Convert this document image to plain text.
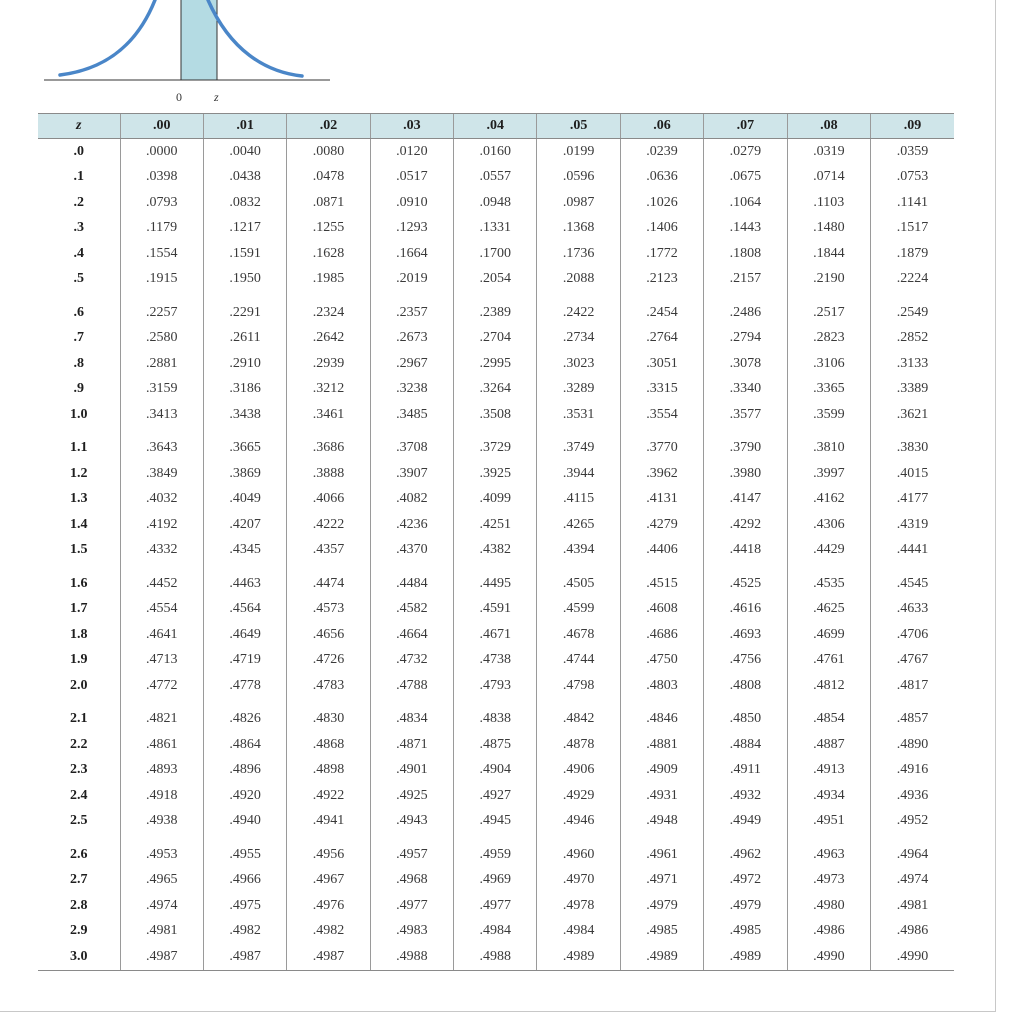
0	z
z	.00	.01	.02	.03	.04	.05	.06	.07	.08	.09
.0	.0000	.0040	.0080	.0120	.0160	.0199	.0239	.0279	.0319	.0359
.1	.0398	.0438	.0478	.0517	.0557	.0596	.0636	.0675	.0714	.0753
.2	.0793	.0832	.0871	.0910	.0948	.0987	.1026	.1064	.1103	.1141
.3	.1179	.1217	.1255	.1293	.1331	.1368	.1406	.1443	.1480	.1517
.4	.1554	.1591	.1628	.1664	.1700	.1736	.1772	.1808	.1844	.1879
.5	.1915	.1950	.1985	.2019	.2054	.2088	.2123	.2157	.2190	.2224
.6	.2257	.2291	.2324	.2357	.2389	.2422	.2454	.2486	.2517	.2549
.7	.2580	.2611	.2642	.2673	.2704	.2734	.2764	.2794	.2823	.2852
.8	.2881	.2910	.2939	.2967	.2995	.3023	.3051	.3078	.3106	.3133
.9	.3159	.3186	.3212	.3238	.3264	.3289	.3315	.3340	.3365	.3389
1.0	.3413	.3438	.3461	.3485	.3508	.3531	.3554	.3577	.3599	.3621
1.1	.3643	.3665	.3686	.3708	.3729	.3749	.3770	.3790	.3810	.3830
1.2	.3849	.3869	.3888	.3907	.3925	.3944	.3962	.3980	.3997	.4015
1.3	.4032	.4049	.4066	.4082	.4099	.4115	.4131	.4147	.4162	.4177
1.4	.4192	.4207	.4222	.4236	.4251	.4265	.4279	.4292	.4306	.4319
1.5	.4332	.4345	.4357	.4370	.4382	.4394	.4406	.4418	.4429	.4441
1.6	.4452	.4463	.4474	.4484	.4495	.4505	.4515	.4525	.4535	.4545
1.7	.4554	.4564	.4573	.4582	.4591	.4599	.4608	.4616	.4625	.4633
1.8	.4641	.4649	.4656	.4664	.4671	.4678	.4686	.4693	.4699	.4706
1.9	.4713	.4719	.4726	.4732	.4738	.4744	.4750	.4756	.4761	.4767
2.0	.4772	.4778	.4783	.4788	.4793	.4798	.4803	.4808	.4812	.4817
2.1	.4821	.4826	.4830	.4834	.4838	.4842	.4846	.4850	.4854	.4857
2.2	.4861	.4864	.4868	.4871	.4875	.4878	.4881	.4884	.4887	.4890
2.3	.4893	.4896	.4898	.4901	.4904	.4906	.4909	.4911	.4913	.4916
2.4	.4918	.4920	.4922	.4925	.4927	.4929	.4931	.4932	.4934	.4936
2.5	.4938	.4940	.4941	.4943	.4945	.4946	.4948	.4949	.4951	.4952
2.6	.4953	.4955	.4956	.4957	.4959	.4960	.4961	.4962	.4963	.4964
2.7	.4965	.4966	.4967	.4968	.4969	.4970	.4971	.4972	.4973	.4974
2.8	.4974	.4975	.4976	.4977	.4977	.4978	.4979	.4979	.4980	.4981
2.9	.4981	.4982	.4982	.4983	.4984	.4984	.4985	.4985	.4986	.4986
3.0	.4987	.4987	.4987	.4988	.4988	.4989	.4989	.4989	.4990	.4990
